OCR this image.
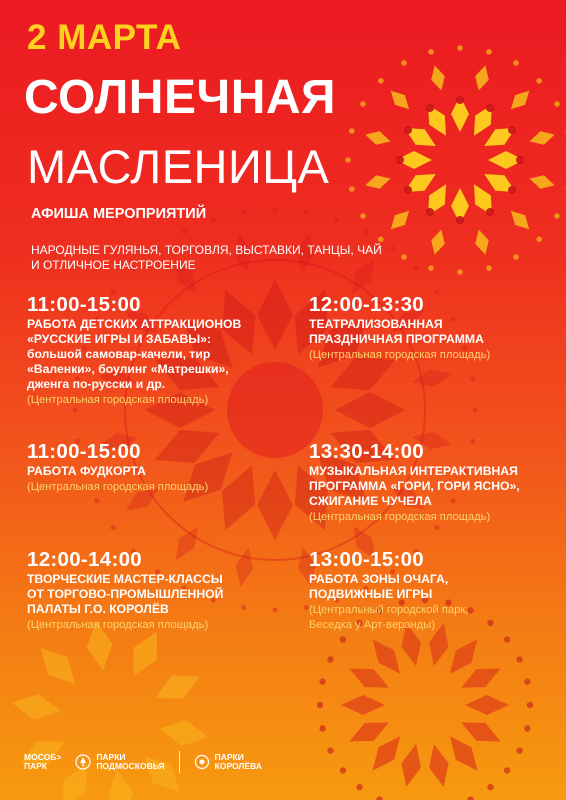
2 МАРТА
СОЛНЕЧНАЯ
МАСЛЕНИЦА
АФИША МЕРОПРИЯТИЙ
НАРОДНЫЕ ГУЛЯНЬЯ, ТОРГОВЛЯ, ВЫСТАВКИ, ТАНЦЫ, ЧАЙ
И ОТЛИЧНОЕ НАСТРОЕНИЕ
11:00-15:00
РАБОТА ДЕТСКИХ АТТРАКЦИОНОВ
«РУССКИЕ ИГРЫ И ЗАБАВЫ»:
большой самовар-качели, тир
«Валенки», боулинг «Матрешки»,
дженга по-русски и др.
(Центральная городская площадь)
12:00-13:30
ТЕАТРАЛИЗОВАННАЯ
ПРАЗДНИЧНАЯ ПРОГРАММА
(Центральная городская площадь)
11:00-15:00
РАБОТА ФУДКОРТА
(Центральная городская площадь)
13:30-14:00
МУЗЫКАЛЬНАЯ ИНТЕРАКТИВНАЯ
ПРОГРАММА «ГОРИ, ГОРИ ЯСНО»,
СЖИГАНИЕ ЧУЧЕЛА
(Центральная городская площадь)
12:00-14:00
ТВОРЧЕСКИЕ МАСТЕР-КЛАССЫ
ОТ ТОРГОВО-ПРОМЫШЛЕННОЙ
ПАЛАТЫ Г.О. КОРОЛЁВ
(Центральная городская площадь)
13:00-15:00
РАБОТА ЗОНЫ ОЧАГА,
ПОДВИЖНЫЕ ИГРЫ
(Центральный городской парк,
Беседка у Арт-веранды)
МОСОБ>
ПАРК
ПАРКИ
ПОДМОСКОВЬЯ
ПАРКИ
КОРОЛЁВА
